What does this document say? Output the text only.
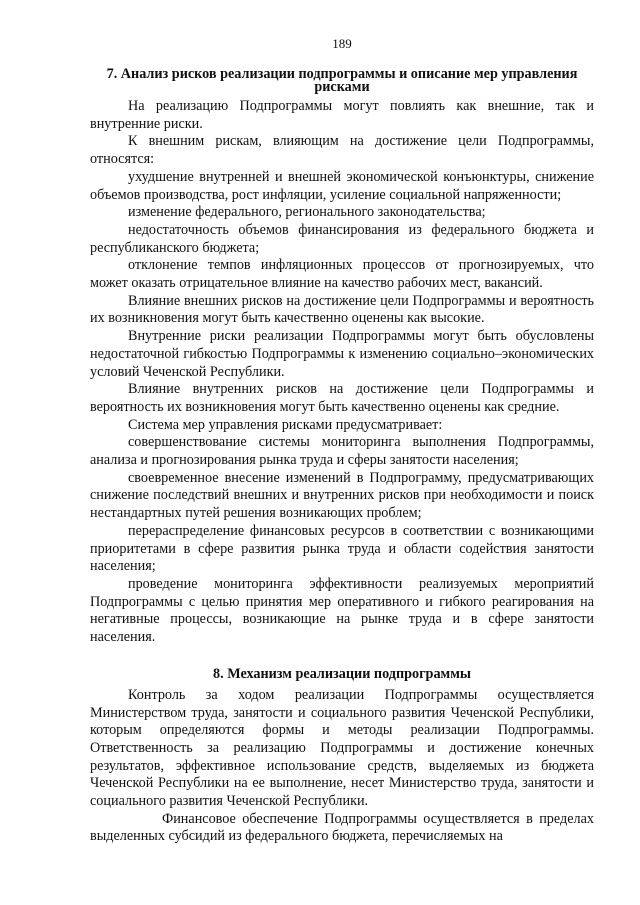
189
7. Анализ рисков реализации подпрограммы и описание мер управления рисками

На реализацию Подпрограммы могут повлиять как внешние, так и внутренние риски.

К внешним рискам, влияющим на достижение цели Подпрограммы, относятся:

ухудшение внутренней и внешней экономической конъюнктуры, снижение объемов производства, рост инфляции, усиление социальной напряженности;

изменение федерального, регионального законодательства;

недостаточность объемов финансирования из федерального бюджета и республиканского бюджета;

отклонение темпов инфляционных процессов от прогнозируемых, что может оказать отрицательное влияние на качество рабочих мест, вакансий.

Влияние внешних рисков на достижение цели Подпрограммы и вероятность их возникновения могут быть качественно оценены как высокие.

Внутренние риски реализации Подпрограммы могут быть обусловлены недостаточной гибкостью Подпрограммы к изменению социально–экономических условий Чеченской Республики.

Влияние внутренних рисков на достижение цели Подпрограммы и вероятность их возникновения могут быть качественно оценены как средние.

Система мер управления рисками предусматривает:

совершенствование системы мониторинга выполнения Подпрограммы, анализа и прогнозирования рынка труда и сферы занятости населения;

своевременное внесение изменений в Подпрограмму, предусматривающих снижение последствий внешних и внутренних рисков при необходимости и поиск нестандартных путей решения возникающих проблем;

перераспределение финансовых ресурсов в соответствии с возникающими приоритетами в сфере развития рынка труда и области содействия занятости населения;

проведение мониторинга эффективности реализуемых мероприятий Подпрограммы с целью принятия мер оперативного и гибкого реагирования на негативные процессы, возникающие на рынке труда и в сфере занятости населения.

8. Механизм реализации подпрограммы

Контроль за ходом реализации Подпрограммы осуществляется Министерством труда, занятости и социального развития Чеченской Республики, которым определяются формы и методы реализации Подпрограммы. Ответственность за реализацию Подпрограммы и достижение конечных результатов, эффективное использование средств, выделяемых из бюджета Чеченской Республики на ее выполнение, несет Министерство труда, занятости и социального развития Чеченской Республики.

Финансовое обеспечение Подпрограммы осуществляется в пределах выделенных субсидий из федерального бюджета, перечисляемых на
